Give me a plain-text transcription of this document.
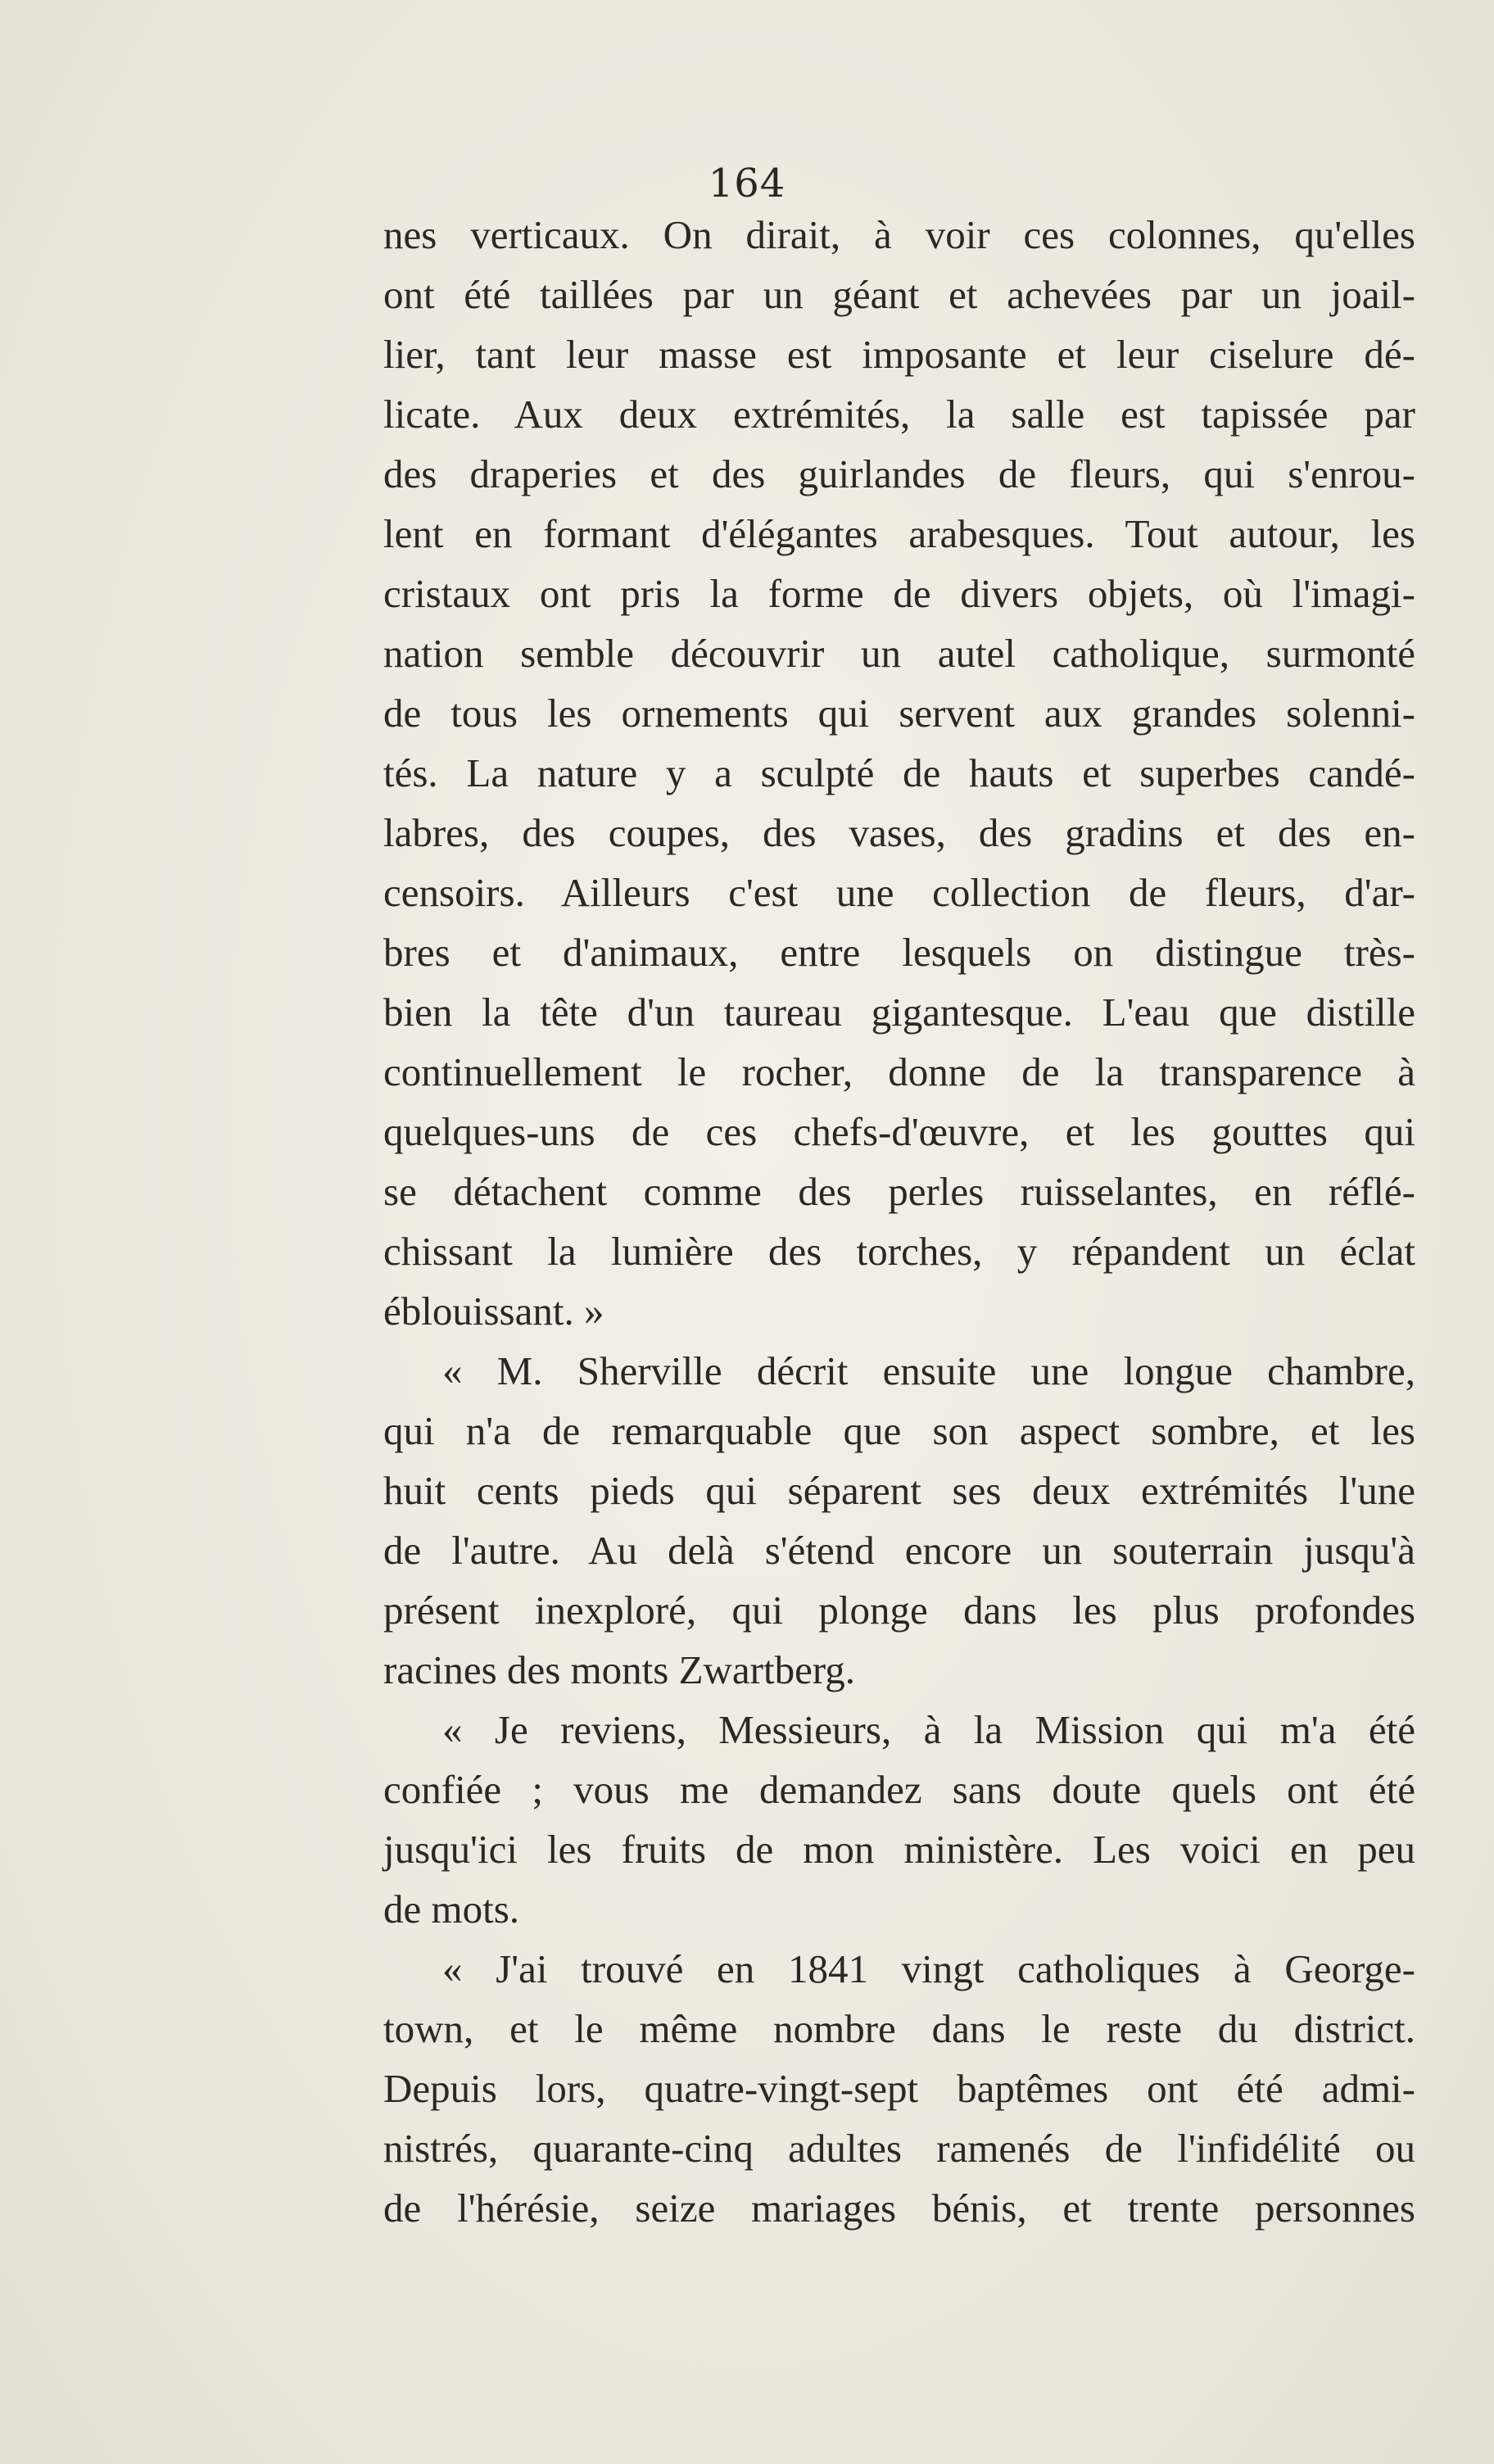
164
nes verticaux. On dirait, à voir ces colonnes, qu'elles
ont été taillées par un géant et achevées par un joail-
lier, tant leur masse est imposante et leur ciselure dé-
licate. Aux deux extrémités, la salle est tapissée par
des draperies et des guirlandes de fleurs, qui s'enrou-
lent en formant d'élégantes arabesques. Tout autour, les
cristaux ont pris la forme de divers objets, où l'imagi-
nation semble découvrir un autel catholique, surmonté
de tous les ornements qui servent aux grandes solenni-
tés. La nature y a sculpté de hauts et superbes candé-
labres, des coupes, des vases, des gradins et des en-
censoirs. Ailleurs c'est une collection de fleurs, d'ar-
bres et d'animaux, entre lesquels on distingue très-
bien la tête d'un taureau gigantesque. L'eau que distille
continuellement le rocher, donne de la transparence à
quelques-uns de ces chefs-d'œuvre, et les gouttes qui
se détachent comme des perles ruisselantes, en réflé-
chissant la lumière des torches, y répandent un éclat
éblouissant. »
« M. Sherville décrit ensuite une longue chambre,
qui n'a de remarquable que son aspect sombre, et les
huit cents pieds qui séparent ses deux extrémités l'une
de l'autre. Au delà s'étend encore un souterrain jusqu'à
présent inexploré, qui plonge dans les plus profondes
racines des monts Zwartberg.
« Je reviens, Messieurs, à la Mission qui m'a été
confiée ; vous me demandez sans doute quels ont été
jusqu'ici les fruits de mon ministère. Les voici en peu
de mots.
« J'ai trouvé en 1841 vingt catholiques à George-
town, et le même nombre dans le reste du district.
Depuis lors, quatre-vingt-sept baptêmes ont été admi-
nistrés, quarante-cinq adultes ramenés de l'infidélité ou
de l'hérésie, seize mariages bénis, et trente personnes
